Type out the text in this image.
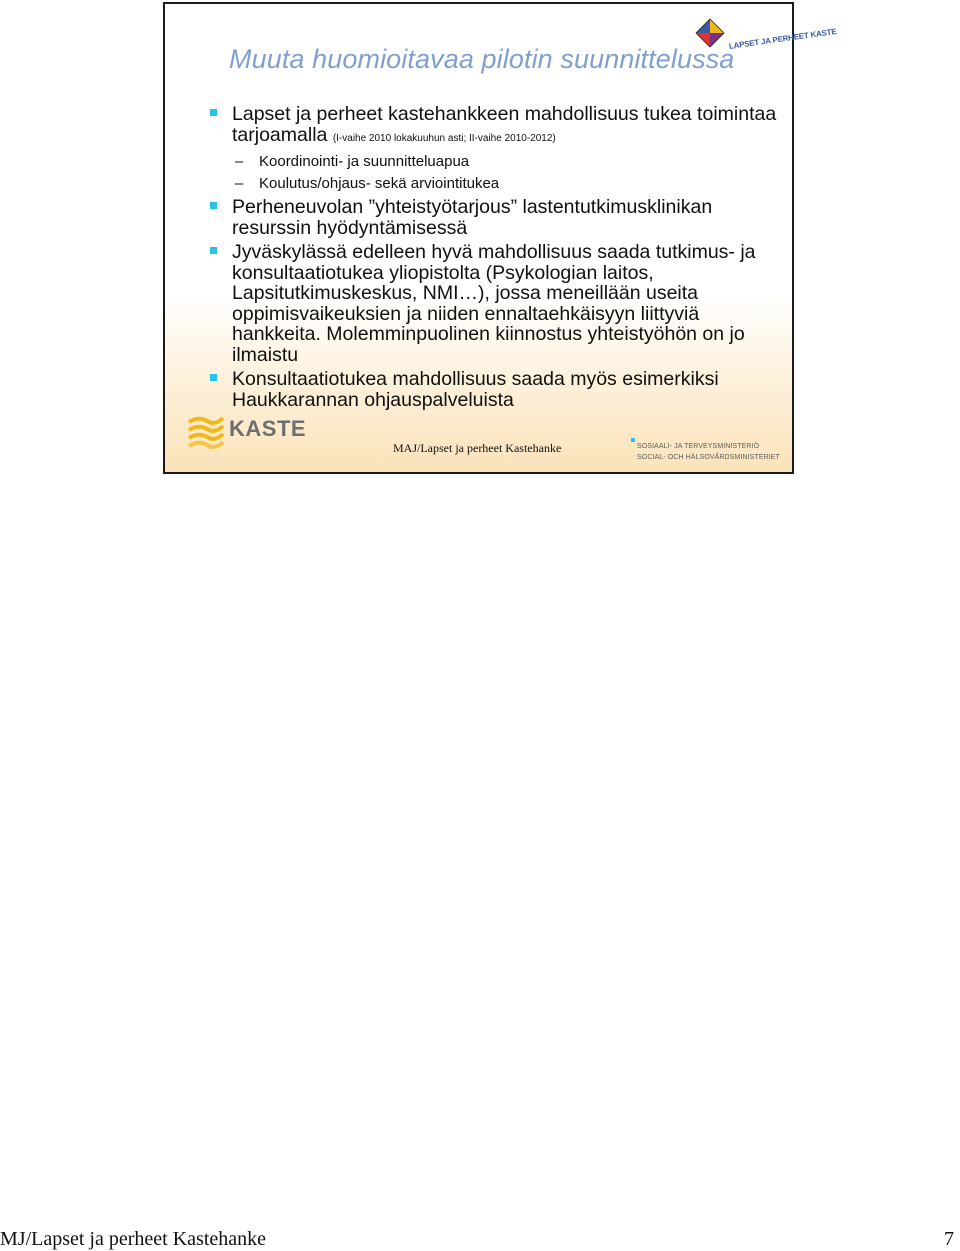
Muuta huomioitavaa pilotin suunnittelussa
LAPSET JA PERHEET KASTE
Lapset ja perheet kastehankkeen mahdollisuus tukea toimintaa tarjoamalla (I-vaihe 2010 lokakuuhun asti; II-vaihe 2010-2012)
– Koordinointi- ja suunnitteluapua
– Koulutus/ohjaus- sekä arviointitukea
Perheneuvolan ”yhteistyötarjous” lastentutkimusklinikan resurssin hyödyntämisessä
Jyväskylässä edelleen hyvä mahdollisuus saada tutkimus- ja konsultaatiotukea yliopistolta (Psykologian laitos, Lapsitutkimuskeskus, NMI…), jossa meneillään useita oppimisvaikeuksien ja niiden ennaltaehkäisyyn liittyviä hankkeita. Molemminpuolinen kiinnostus yhteistyöhön on jo ilmaistu
Konsultaatiotukea mahdollisuus saada myös esimerkiksi Haukkarannan ohjauspalveluista
KASTE
MAJ/Lapset ja perheet Kastehanke	SOSIAALI- JA TERVEYSMINISTERIÖ
SOCIAL- OCH HÄLSOVÅRDSMINISTERIET
MJ/Lapset ja perheet Kastehanke	7
